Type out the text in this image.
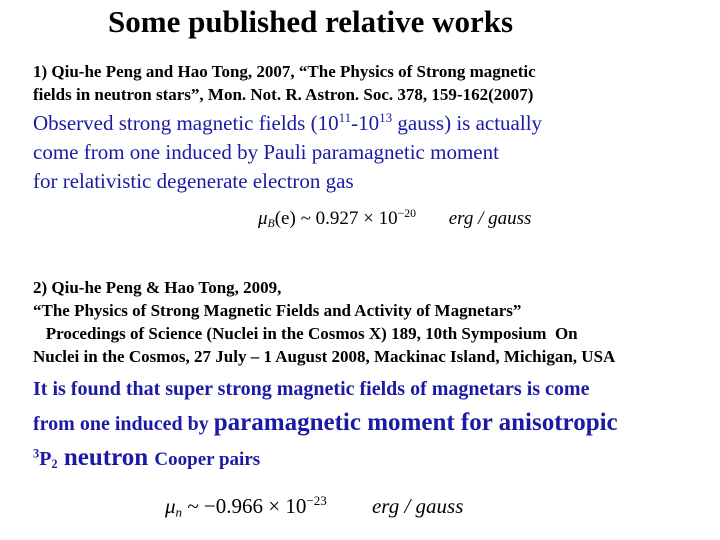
Some published relative works
1) Qiu-he Peng and Hao Tong, 2007, “The Physics of Strong magnetic
fields in neutron stars”, Mon. Not. R. Astron. Soc. 378, 159-162(2007)
Observed strong magnetic fields ($10^{11}-10^{13}$ gauss) is actually
come from one induced by Pauli paramagnetic moment
for relativistic degenerate electron gas
$\mu_B(e)$ ~ $0.927 \times 10^{-20}$ erg / gauss
2) Qiu-he Peng & Hao Tong, 2009,
“The Physics of Strong Magnetic Fields and Activity of Magnetars”
Procedings of Science (Nuclei in the Cosmos X) 189, 10th Symposium  On
Nuclei in the Cosmos, 27 July – 1 August 2008, Mackinac Island, Michigan, USA
It is found that super strong magnetic fields of magnetars is come
from one induced by paramagnetic moment for anisotropic
$^3P_2$ neutron Cooper pairs
$\mu_n$ ~ $-0.966 \times 10^{-23}$ erg / gauss
